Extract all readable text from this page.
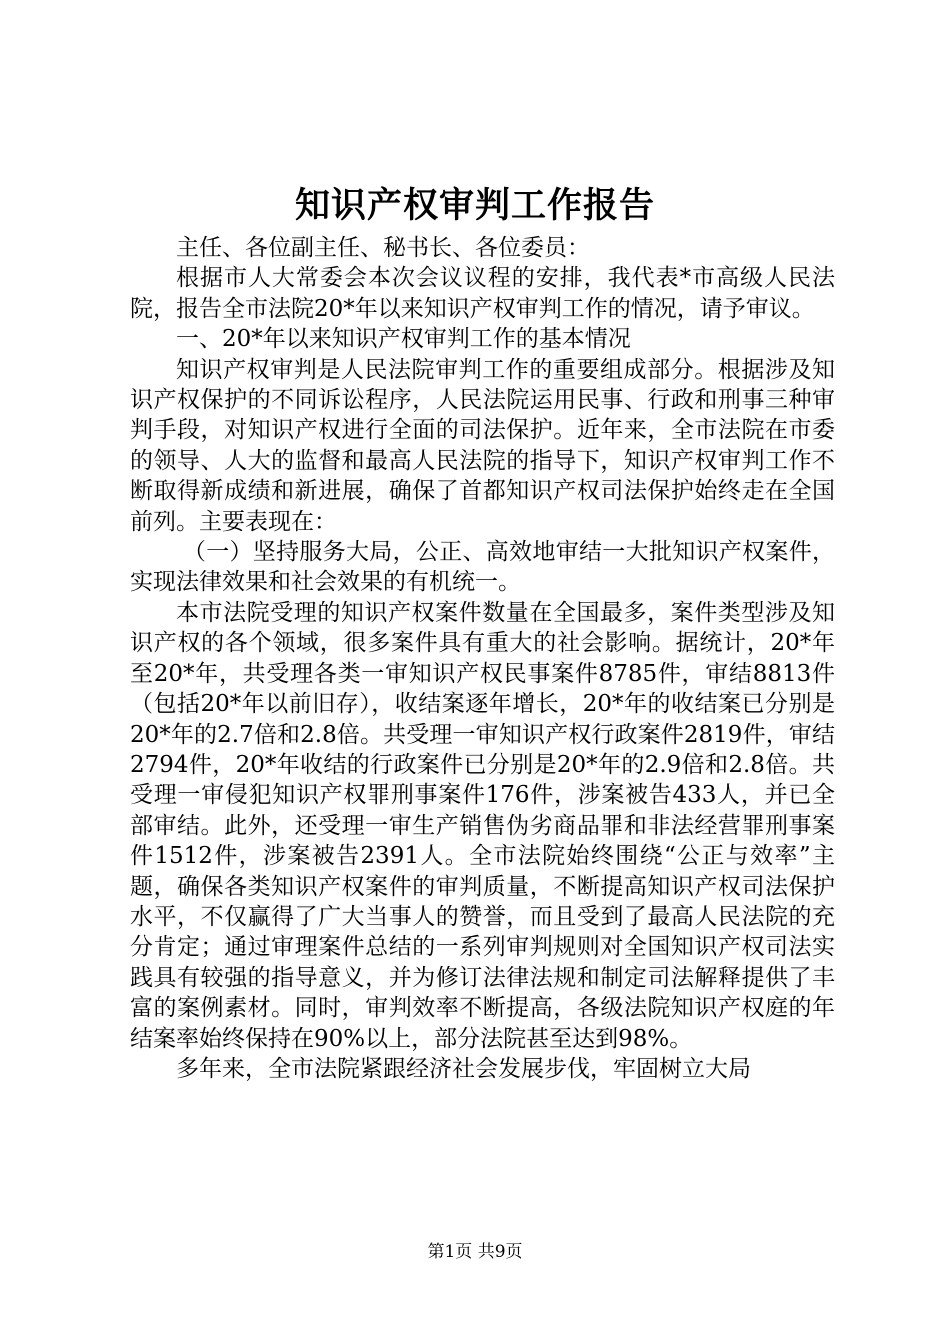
知识产权审判工作报告

主任、各位副主任、秘书长、各位委员：

根据市人大常委会本次会议议程的安排，我代表*市高级人民法院，报告全市法院20*年以来知识产权审判工作的情况，请予审议。

一、20*年以来知识产权审判工作的基本情况

知识产权审判是人民法院审判工作的重要组成部分。根据涉及知识产权保护的不同诉讼程序，人民法院运用民事、行政和刑事三种审判手段，对知识产权进行全面的司法保护。近年来，全市法院在市委的领导、人大的监督和最高人民法院的指导下，知识产权审判工作不断取得新成绩和新进展，确保了首都知识产权司法保护始终走在全国前列。主要表现在：

（一）坚持服务大局，公正、高效地审结一大批知识产权案件，实现法律效果和社会效果的有机统一。

本市法院受理的知识产权案件数量在全国最多，案件类型涉及知识产权的各个领域，很多案件具有重大的社会影响。据统计，20*年至20*年，共受理各类一审知识产权民事案件8785件，审结8813件（包括20*年以前旧存），收结案逐年增长，20*年的收结案已分别是20*年的2.7倍和2.8倍。共受理一审知识产权行政案件2819件，审结2794件，20*年收结的行政案件已分别是20*年的2.9倍和2.8倍。共受理一审侵犯知识产权罪刑事案件176件，涉案被告433人，并已全部审结。此外，还受理一审生产销售伪劣商品罪和非法经营罪刑事案件1512件，涉案被告2391人。全市法院始终围绕“公正与效率”主题，确保各类知识产权案件的审判质量，不断提高知识产权司法保护水平，不仅赢得了广大当事人的赞誉，而且受到了最高人民法院的充分肯定；通过审理案件总结的一系列审判规则对全国知识产权司法实践具有较强的指导意义，并为修订法律法规和制定司法解释提供了丰富的案例素材。同时，审判效率不断提高，各级法院知识产权庭的年结案率始终保持在90%以上，部分法院甚至达到98%。

多年来，全市法院紧跟经济社会发展步伐，牢固树立大局

第1页 共9页
